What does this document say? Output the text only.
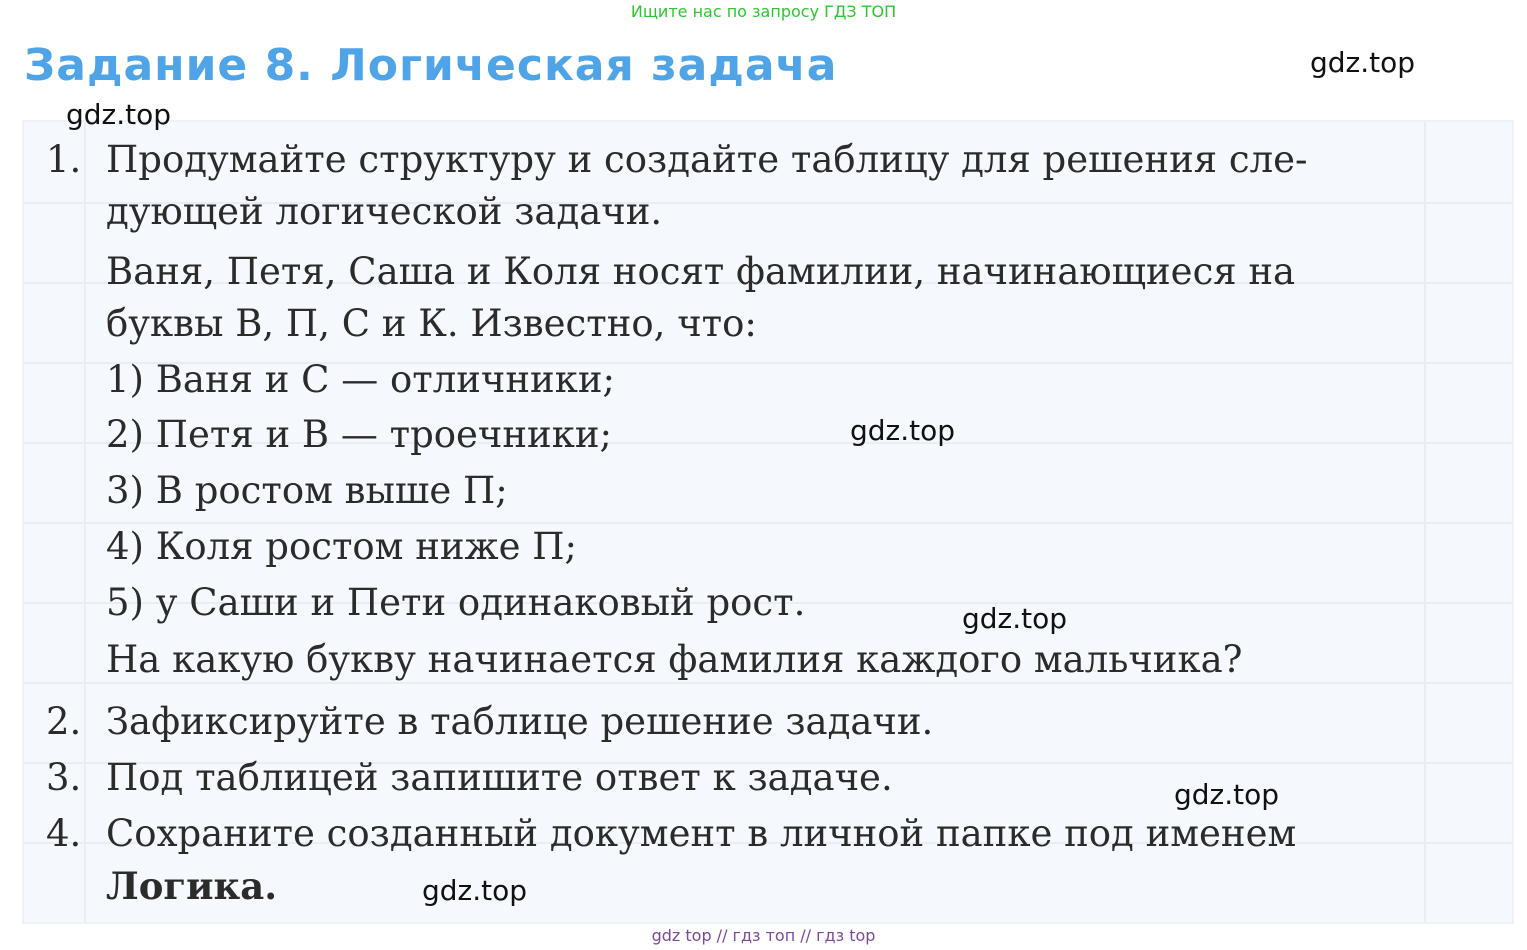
Ищите нас по запросу ГДЗ ТОП
Задание 8. Логическая задача	gdz.top
gdz.top
gdz.top
gdz.top
gdz.top
gdz.top

1. Продумайте структуру и создайте таблицу для решения сле-

дующей логической задачи.

Ваня, Петя, Саша и Коля носят фамилии, начинающиеся на

буквы В, П, С и К. Известно, что:

1) Ваня и С — отличники;

2) Петя и В — троечники;

3) В ростом выше П;

4) Коля ростом ниже П;

5) у Саши и Пети одинаковый рост.

На какую букву начинается фамилия каждого мальчика?

2. Зафиксируйте в таблице решение задачи.

3. Под таблицей запишите ответ к задаче.

4. Сохраните созданный документ в личной папке под именем

Логика.

gdz top // гдз топ // гдз top
